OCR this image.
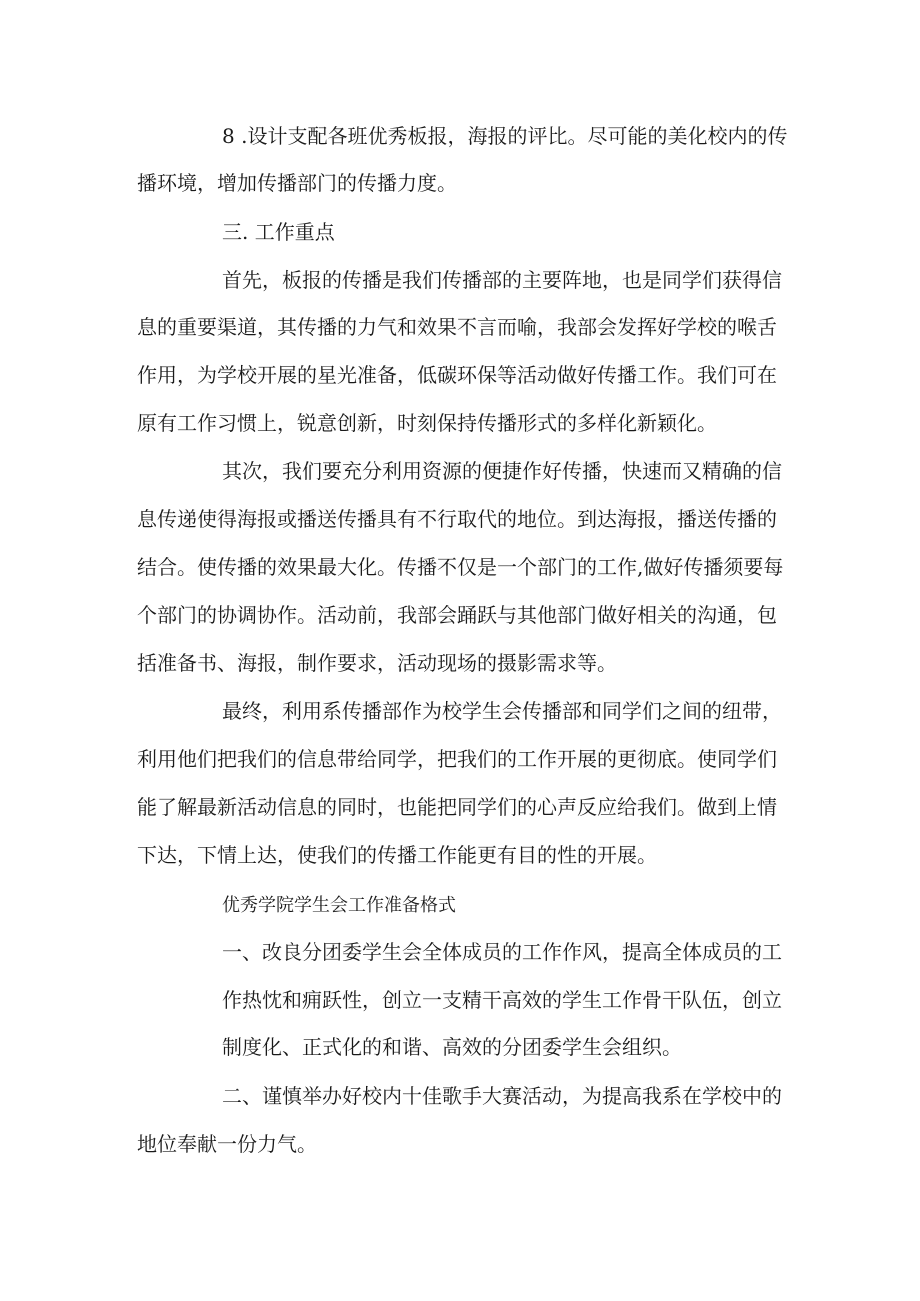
8 .设计支配各班优秀板报，海报的评比。尽可能的美化校内的传
播环境，增加传播部门的传播力度。
三. 工作重点
首先，板报的传播是我们传播部的主要阵地，也是同学们获得信
息的重要渠道，其传播的力气和效果不言而喻，我部会发挥好学校的喉舌
作用，为学校开展的星光准备，低碳环保等活动做好传播工作。我们可在
原有工作习惯上，锐意创新，时刻保持传播形式的多样化新颖化。
其次，我们要充分利用资源的便捷作好传播，快速而又精确的信
息传递使得海报或播送传播具有不行取代的地位。到达海报，播送传播的
结合。使传播的效果最大化。传播不仅是一个部门的工作,做好传播须要每
个部门的协调协作。活动前，我部会踊跃与其他部门做好相关的沟通，包
括准备书、海报，制作要求，活动现场的摄影需求等。
最终，利用系传播部作为校学生会传播部和同学们之间的纽带，
利用他们把我们的信息带给同学，把我们的工作开展的更彻底。使同学们
能了解最新活动信息的同时，也能把同学们的心声反应给我们。做到上情
下达，下情上达，使我们的传播工作能更有目的性的开展。
优秀学院学生会工作准备格式
一、改良分团委学生会全体成员的工作作风，提高全体成员的工
作热忱和痈跃性，创立一支精干高效的学生工作骨干队伍，创立
制度化、正式化的和谐、高效的分团委学生会组织。
二、谨慎举办好校内十佳歌手大赛活动，为提高我系在学校中的
地位奉献一份力气。
